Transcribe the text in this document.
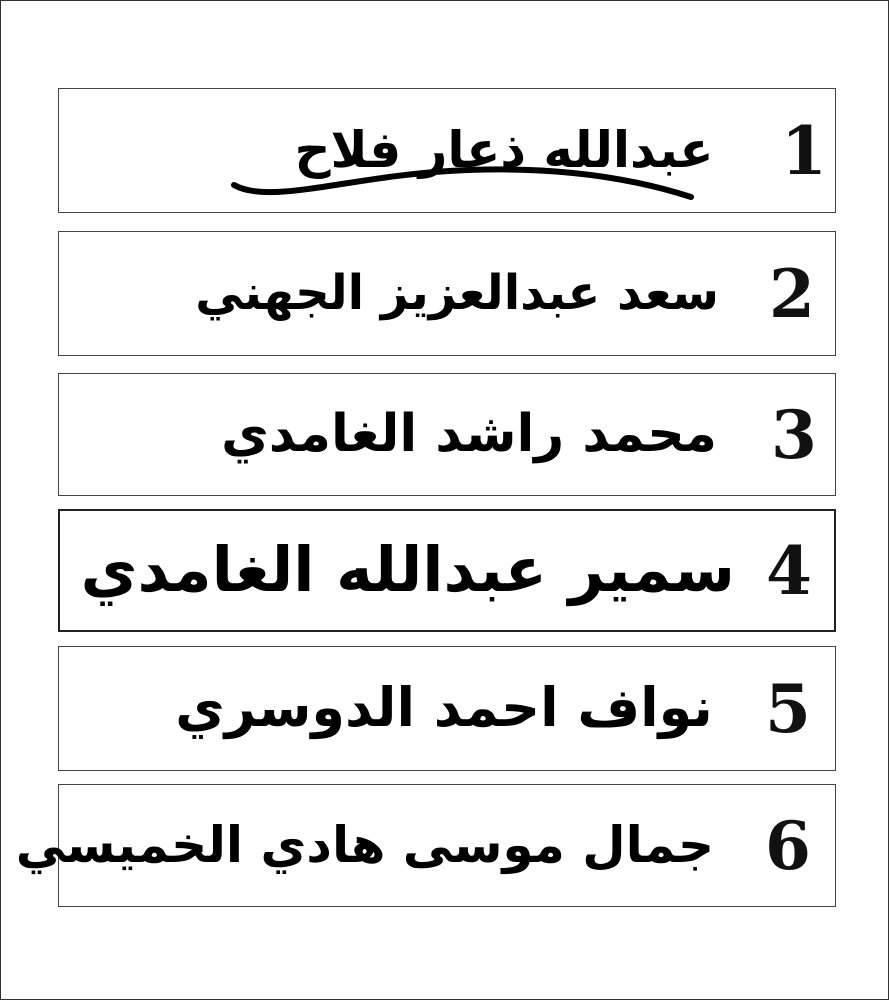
عبدالله ذعار فلاح	1
سعد عبدالعزيز الجهني 2
محمد راشد الغامدي 3
سمير عبدالله الغامدي 4
نواف احمد الدوسري 5
جمال موسى هادي الخميسي 6
